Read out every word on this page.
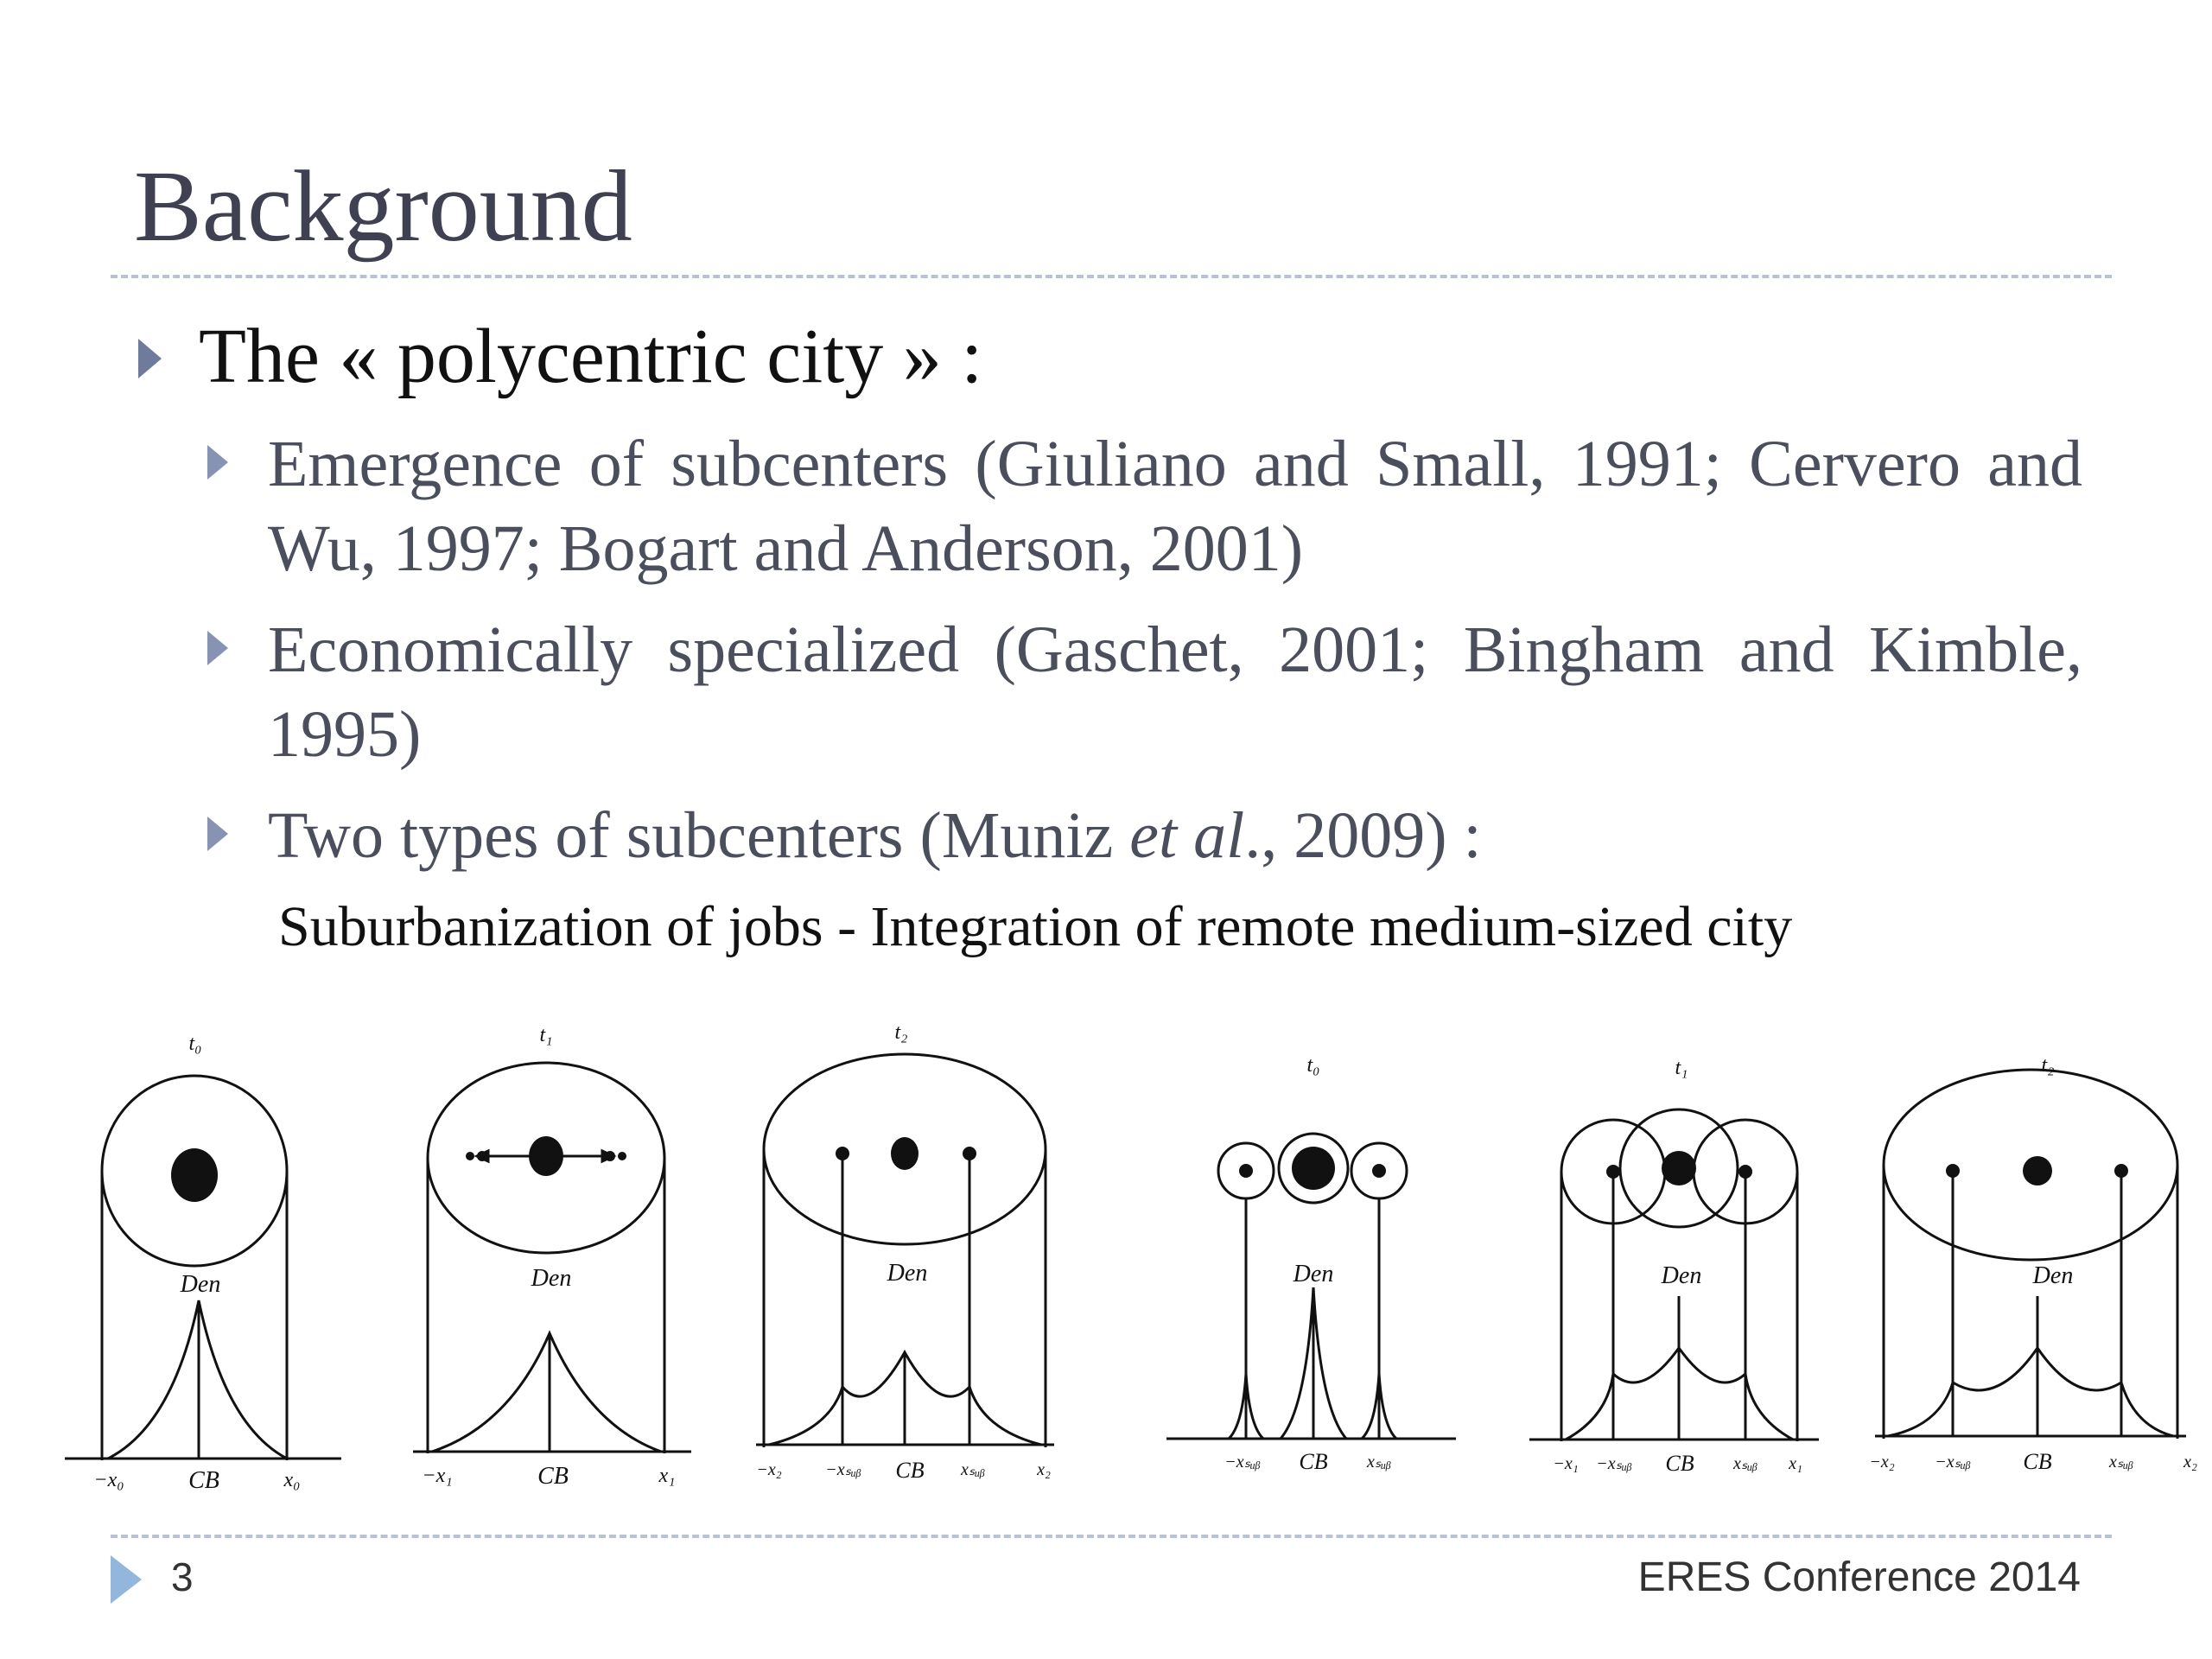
Background
The « polycentric city » :
Emergence of subcenters (Giuliano and Small, 1991; Cervero and Wu, 1997; Bogart and Anderson, 2001)
Economically specialized (Gaschet, 2001; Bingham and Kimble, 1995)
Two types of subcenters (Muniz et al., 2009) :
Suburbanization of jobs - Integration of remote medium-sized city
t₀
Den
−x₀	CB	x₀
t₁
Den
−x₁	CB	x₁
t₂
Den
−x₂	−xₛᵤᵦ CB xₛᵤᵦ	x₂
t₀
Den
−xₛᵤᵦ CB xₛᵤᵦ
t₁
Den
−x₁ −xₛᵤᵦ CB xₛᵤᵦ x₁
t₂
Den
−x₂ −xₛᵤᵦ CB	xₛᵤᵦ	x₂
3	ERES Conference 2014
